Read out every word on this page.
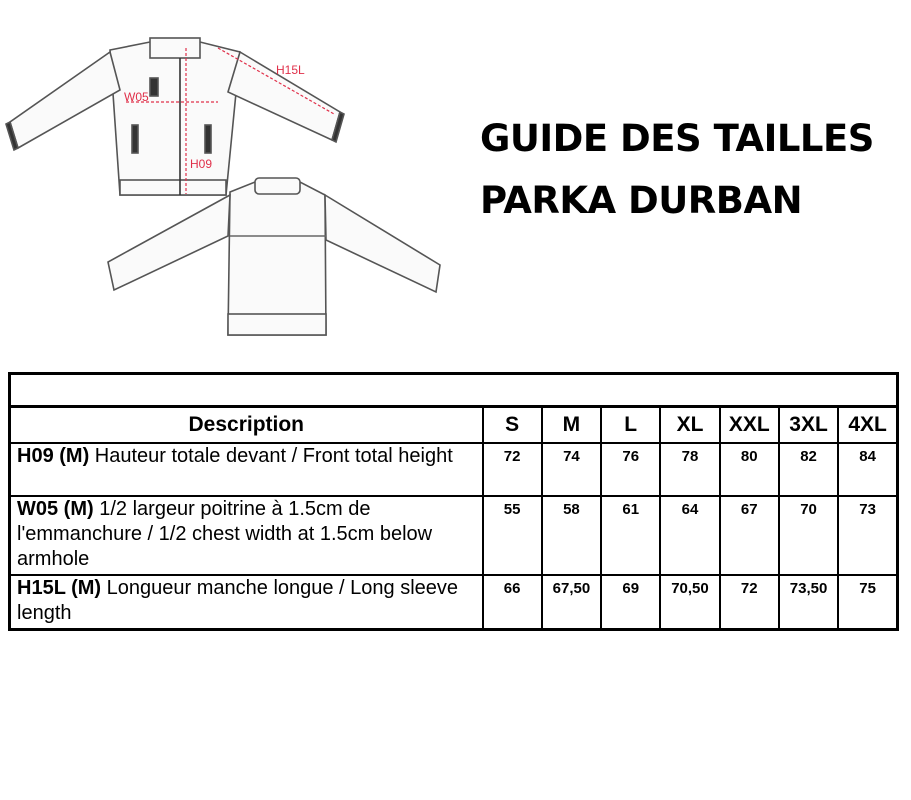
H15L
W05
H09
GUIDE DES TAILLES
PARKA DURBAN

Description	S	M	L	XL	XXL	3XL	4XL
H09 (M) Hauteur totale devant / Front total height	72	74	76	78	80	82	84
W05 (M) 1/2 largeur poitrine à 1.5cm de l'emmanchure / 1/2 chest width at 1.5cm below armhole	55	58	61	64	67	70	73
H15L (M) Longueur manche longue / Long sleeve length	66	67,50	69	70,50	72	73,50	75
